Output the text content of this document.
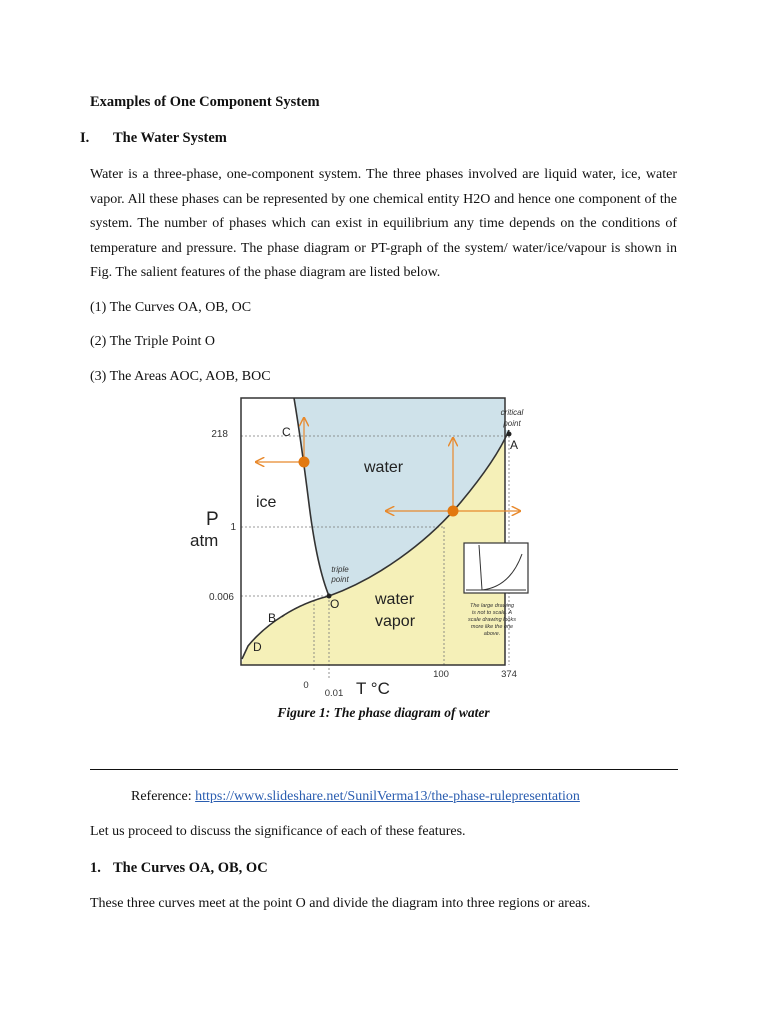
Examples of One Component System
I. The Water System
Water is a three-phase, one-component system. The three phases involved are liquid water, ice, water vapor. All these phases can be represented by one chemical entity H2O and hence one component of the system. The number of phases which can exist in equilibrium any time depends on the conditions of temperature and pressure. The phase diagram or PT-graph of the system/ water/ice/vapour is shown in Fig. The salient features of the phase diagram are listed below.
(1) The Curves OA, OB, OC
(2) The Triple Point O
(3) The Areas AOC, AOB, BOC
The large drawing
is not to scale. A
scale drawing looks
more like the one
above.
218
1
0.006
P
atm
T °C
0
0.01
100	374
water
ice
water
vapor
C
A
B
D
O
critical
point
triple
point
Figure 1: The phase diagram of water
Reference: https://www.slideshare.net/SunilVerma13/the-phase-rulepresentation
Let us proceed to discuss the significance of each of these features.
1. The Curves OA, OB, OC
These three curves meet at the point O and divide the diagram into three regions or areas.
